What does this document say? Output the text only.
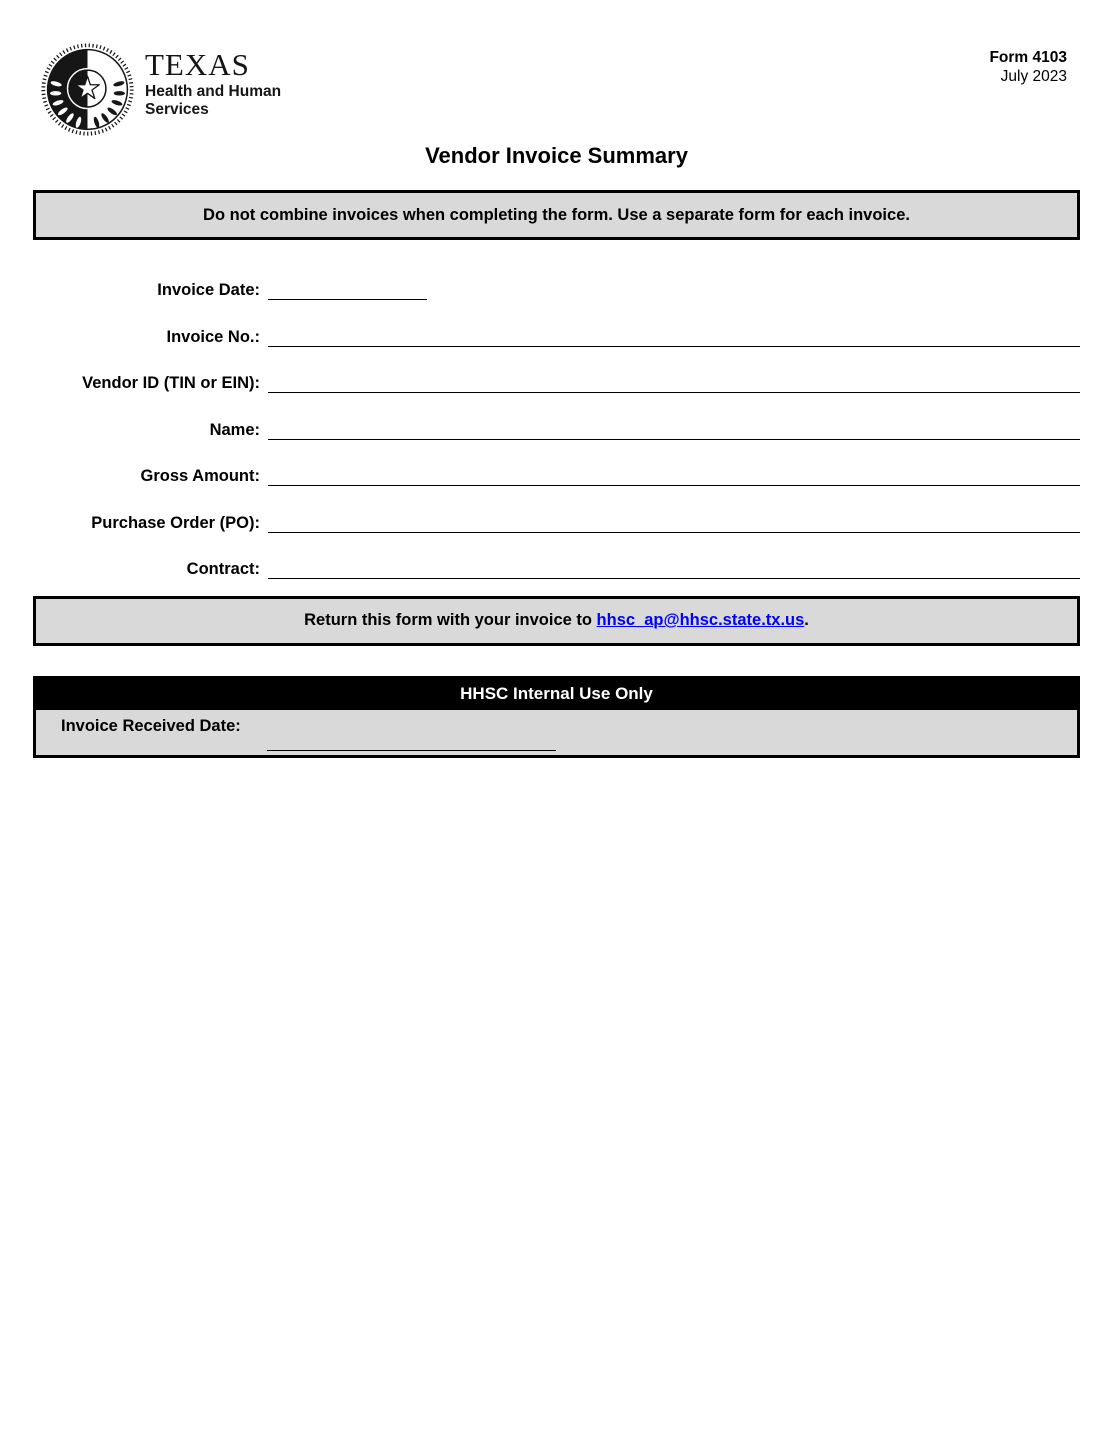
TEXAS
Health and Human
Services
Form 4103
July 2023
Vendor Invoice Summary
Do not combine invoices when completing the form. Use a separate form for each invoice.
Invoice Date:
Invoice No.:
Vendor ID (TIN or EIN):
Name:
Gross Amount:
Purchase Order (PO):
Contract:
Return this form with your invoice to hhsc_ap@hhsc.state.tx.us.
HHSC Internal Use Only
Invoice Received Date:
